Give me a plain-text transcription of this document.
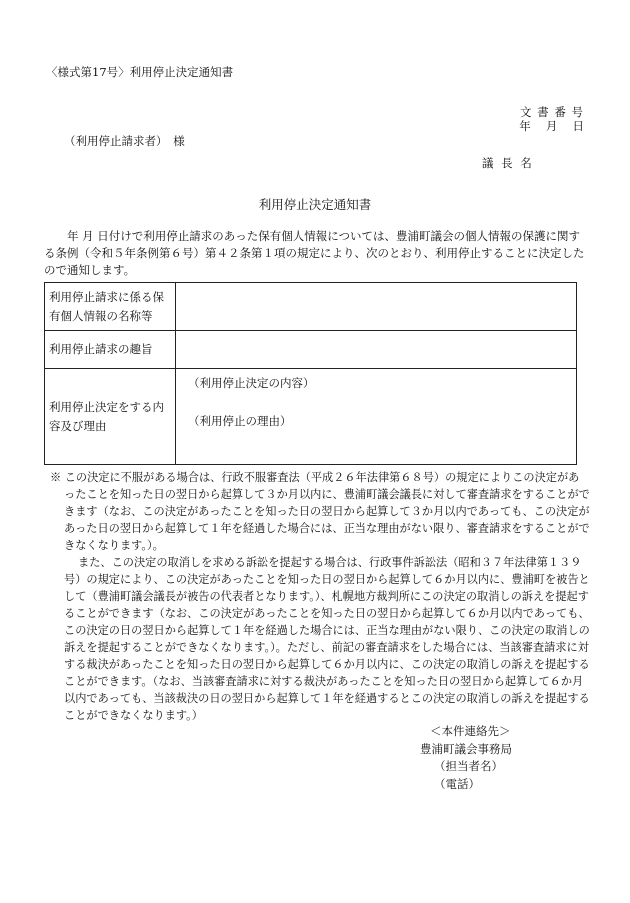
〈様式第17号〉利用停止決定通知書
文 書 番 号
年　 月　 日
（利用停止請求者）　様
議 長 名
利用停止決定通知書

　　年 月 日付けで利用停止請求のあった保有個人情報については、豊浦町議会の個人情報の保護に関する条例（令和５年条例第６号）第４２条第１項の規定により、次のとおり、利用停止することに決定したので通知します。

利用停止請求に係る保有個人情報の名称等	
利用停止請求の趣旨	
利用停止決定をする内容及び理由	（利用停止決定の内容）
（利用停止の理由）

※ この決定に不服がある場合は、行政不服審査法（平成２６年法律第６８号）の規定によりこの決定があったことを知った日の翌日から起算して３か月以内に、豊浦町議会議長に対して審査請求をすることができます（なお、この決定があったことを知った日の翌日から起算して３か月以内であっても、この決定があった日の翌日から起算して１年を経過した場合には、正当な理由がない限り、審査請求をすることができなくなります。）。

また、この決定の取消しを求める訴訟を提起する場合は、行政事件訴訟法（昭和３７年法律第１３９号）の規定により、この決定があったことを知った日の翌日から起算して６か月以内に、豊浦町を被告として（豊浦町議会議長が被告の代表者となります。）、札幌地方裁判所にこの決定の取消しの訴えを提起することができます（なお、この決定があったことを知った日の翌日から起算して６か月以内であっても、この決定の日の翌日から起算して１年を経過した場合には、正当な理由がない限り、この決定の取消しの訴えを提起することができなくなります。）。ただし、前記の審査請求をした場合には、当該審査請求に対する裁決があったことを知った日の翌日から起算して６か月以内に、この決定の取消しの訴えを提起することができます。（なお、当該審査請求に対する裁決があったことを知った日の翌日から起算して６か月以内であっても、当該裁決の日の翌日から起算して１年を経過するとこの決定の取消しの訴えを提起することができなくなります。）

＜本件連絡先＞
豊浦町議会事務局
（担当者名）
（電話）
